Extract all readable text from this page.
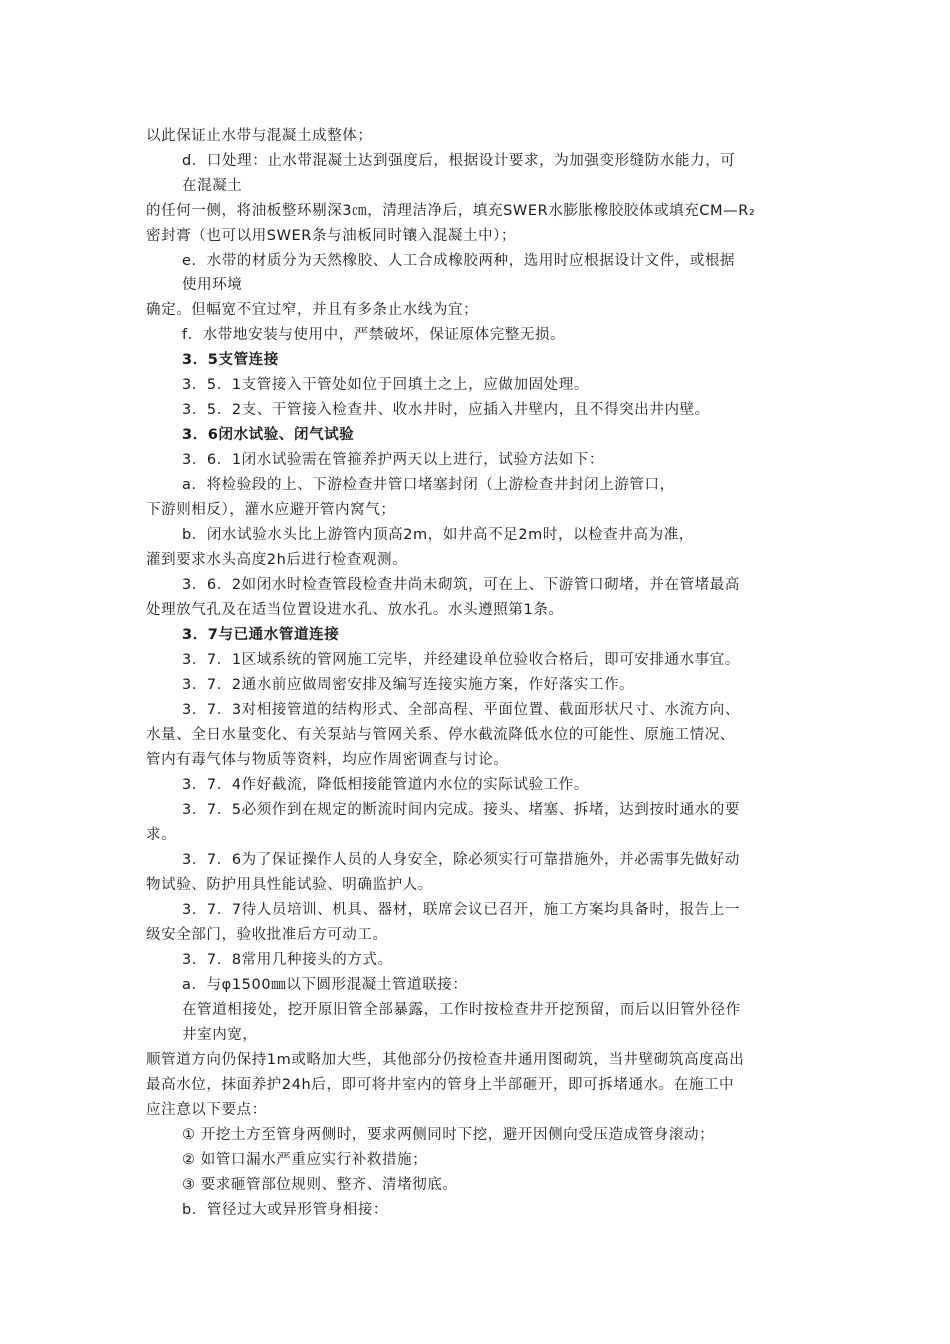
以此保证止水带与混凝土成整体；
d．口处理：止水带混凝土达到强度后，根据设计要求，为加强变形缝防水能力，可
在混凝土
的任何一侧，将油板整环剔深3㎝，清理洁净后，填充SWER水膨胀橡胶胶体或填充CM—R₂
密封膏（也可以用SWER条与油板同时镶入混凝土中）；
e．水带的材质分为天然橡胶、人工合成橡胶两种，选用时应根据设计文件，或根据
使用环境
确定。但幅宽不宜过窄，并且有多条止水线为宜；
f．水带地安装与使用中，严禁破坏，保证原体完整无损。
3．5支管连接
3．5．1支管接入干管处如位于回填土之上，应做加固处理。
3．5．2支、干管接入检查井、收水井时，应插入井壁内，且不得突出井内壁。
3．6闭水试验、闭气试验
3．6．1闭水试验需在管箍养护两天以上进行，试验方法如下：
a．将检验段的上、下游检查井管口堵塞封闭（上游检查井封闭上游管口，
下游则相反），灌水应避开管内窝气；
b．闭水试验水头比上游管内顶高2m，如井高不足2m时，以检查井高为准，
灌到要求水头高度2h后进行检查观测。
3．6．2如闭水时检查管段检查井尚未砌筑，可在上、下游管口砌堵，并在管堵最高
处理放气孔及在适当位置设进水孔、放水孔。水头遵照第1条。
3．7与已通水管道连接
3．7．1区域系统的管网施工完毕，并经建设单位验收合格后，即可安排通水事宜。
3．7．2通水前应做周密安排及编写连接实施方案，作好落实工作。
3．7．3对相接管道的结构形式、全部高程、平面位置、截面形状尺寸、水流方向、
水量、全日水量变化、有关泵站与管网关系、停水截流降低水位的可能性、原施工情况、
管内有毒气体与物质等资料，均应作周密调查与讨论。
3．7．4作好截流，降低相接能管道内水位的实际试验工作。
3．7．5必须作到在规定的断流时间内完成。接头、堵塞、拆堵，达到按时通水的要
求。
3．7．6为了保证操作人员的人身安全，除必须实行可靠措施外，并必需事先做好动
物试验、防护用具性能试验、明确监护人。
3．7．7待人员培训、机具、器材，联席会议已召开，施工方案均具备时，报告上一
级安全部门，验收批准后方可动工。
3．7．8常用几种接头的方式。
a．与φ1500㎜以下圆形混凝土管道联接：
在管道相接处，挖开原旧管全部暴露，工作时按检查井开挖预留，而后以旧管外径作
井室内宽，
顺管道方向仍保持1m或略加大些，其他部分仍按检查井通用图砌筑，当井壁砌筑高度高出
最高水位，抹面养护24h后，即可将井室内的管身上半部砸开，即可拆堵通水。在施工中
应注意以下要点：
① 开挖土方至管身两侧时，要求两侧同时下挖，避开因侧向受压造成管身滚动；
② 如管口漏水严重应实行补救措施；
③ 要求砸管部位规则、整齐、清堵彻底。
b．管径过大或异形管身相接：
